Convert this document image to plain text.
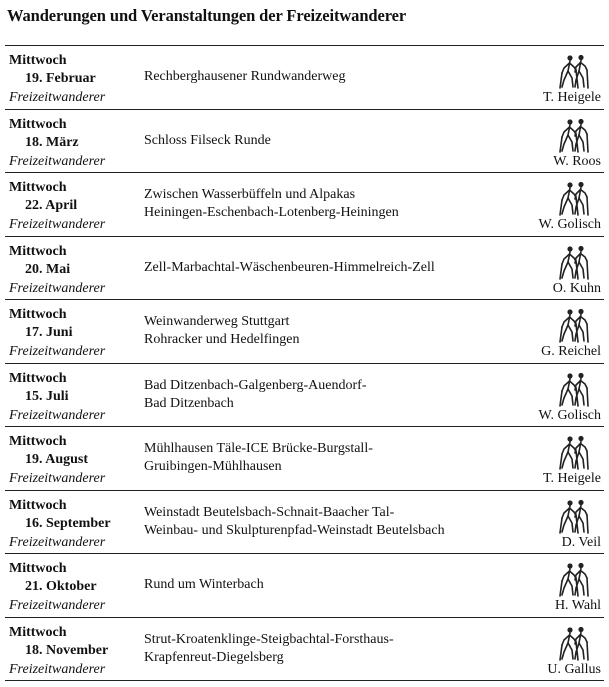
Wanderungen und Veranstaltungen der Freizeitwanderer
Mittwoch
19. Februar
Freizeitwanderer
Rechberghausener Rundwanderweg
T. Heigele
Mittwoch
18. März
Freizeitwanderer
Schloss Filseck Runde
W. Roos
Mittwoch
22. April
Freizeitwanderer
Zwischen Wasserbüffeln und Alpakas
Heiningen-Eschenbach-Lotenberg-Heiningen
W. Golisch
Mittwoch
20. Mai
Freizeitwanderer
Zell-Marbachtal-Wäschenbeuren-Himmelreich-Zell
O. Kuhn
Mittwoch
17. Juni
Freizeitwanderer
Weinwanderweg Stuttgart
Rohracker und Hedelfingen
G. Reichel
Mittwoch
15. Juli
Freizeitwanderer
Bad Ditzenbach-Galgenberg-Auendorf-
Bad Ditzenbach
W. Golisch
Mittwoch
19. August
Freizeitwanderer
Mühlhausen Täle-ICE Brücke-Burgstall-
Gruibingen-Mühlhausen
T. Heigele
Mittwoch
16. September
Freizeitwanderer
Weinstadt Beutelsbach-Schnait-Baacher Tal-
Weinbau- und Skulpturenpfad-Weinstadt Beutelsbach
D. Veil
Mittwoch
21. Oktober
Freizeitwanderer
Rund um Winterbach
H. Wahl
Mittwoch
18. November
Freizeitwanderer
Strut-Kroatenklinge-Steigbachtal-Forsthaus-
Krapfenreut-Diegelsberg
U. Gallus
